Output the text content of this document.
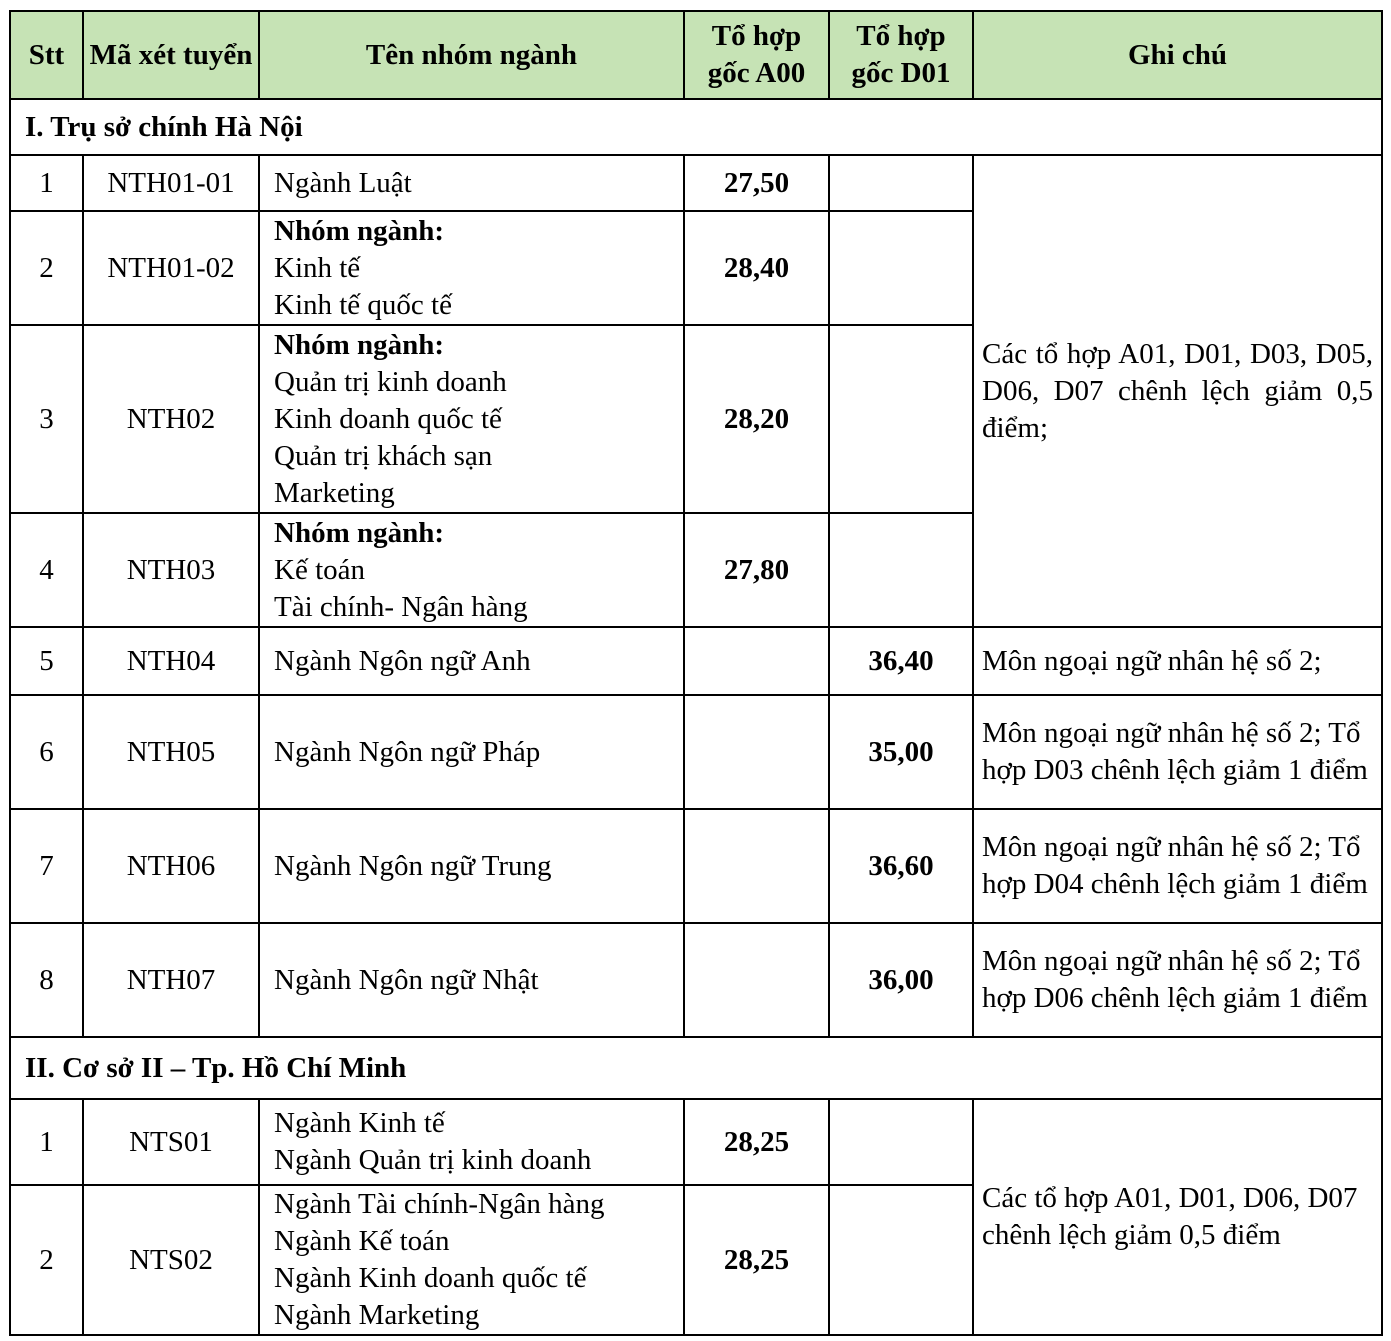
Stt	Mã xét tuyển	Tên nhóm ngành	Tổ hợp gốc A00	Tổ hợp gốc D01	Ghi chú
I. Trụ sở chính Hà Nội					
1	NTH01-01	Ngành Luật	27,50		Các tổ hợp A01, D01, D03, D05, D06, D07 chênh lệch giảm 0,5 điểm;
2	NTH01-02	Nhóm ngành:
Kinh tế
Kinh tế quốc tế	28,40		
3	NTH02	Nhóm ngành:
Quản trị kinh doanh
Kinh doanh quốc tế
Quản trị khách sạn
Marketing	28,20		
4	NTH03	Nhóm ngành:
Kế toán
Tài chính- Ngân hàng	27,80		
5	NTH04	Ngành Ngôn ngữ Anh		36,40	Môn ngoại ngữ nhân hệ số 2;
6	NTH05	Ngành Ngôn ngữ Pháp		35,00	Môn ngoại ngữ nhân hệ số 2; Tổ hợp D03 chênh lệch giảm 1 điểm
7	NTH06	Ngành Ngôn ngữ Trung		36,60	Môn ngoại ngữ nhân hệ số 2; Tổ hợp D04 chênh lệch giảm 1 điểm
8	NTH07	Ngành Ngôn ngữ Nhật		36,00	Môn ngoại ngữ nhân hệ số 2; Tổ hợp D06 chênh lệch giảm 1 điểm
II. Cơ sở II – Tp. Hồ Chí Minh					
1	NTS01	Ngành Kinh tế
Ngành Quản trị kinh doanh	28,25		Các tổ hợp A01, D01, D06, D07 chênh lệch giảm 0,5 điểm
2	NTS02	Ngành Tài chính-Ngân hàng
Ngành Kế toán
Ngành Kinh doanh quốc tế
Ngành Marketing	28,25		
